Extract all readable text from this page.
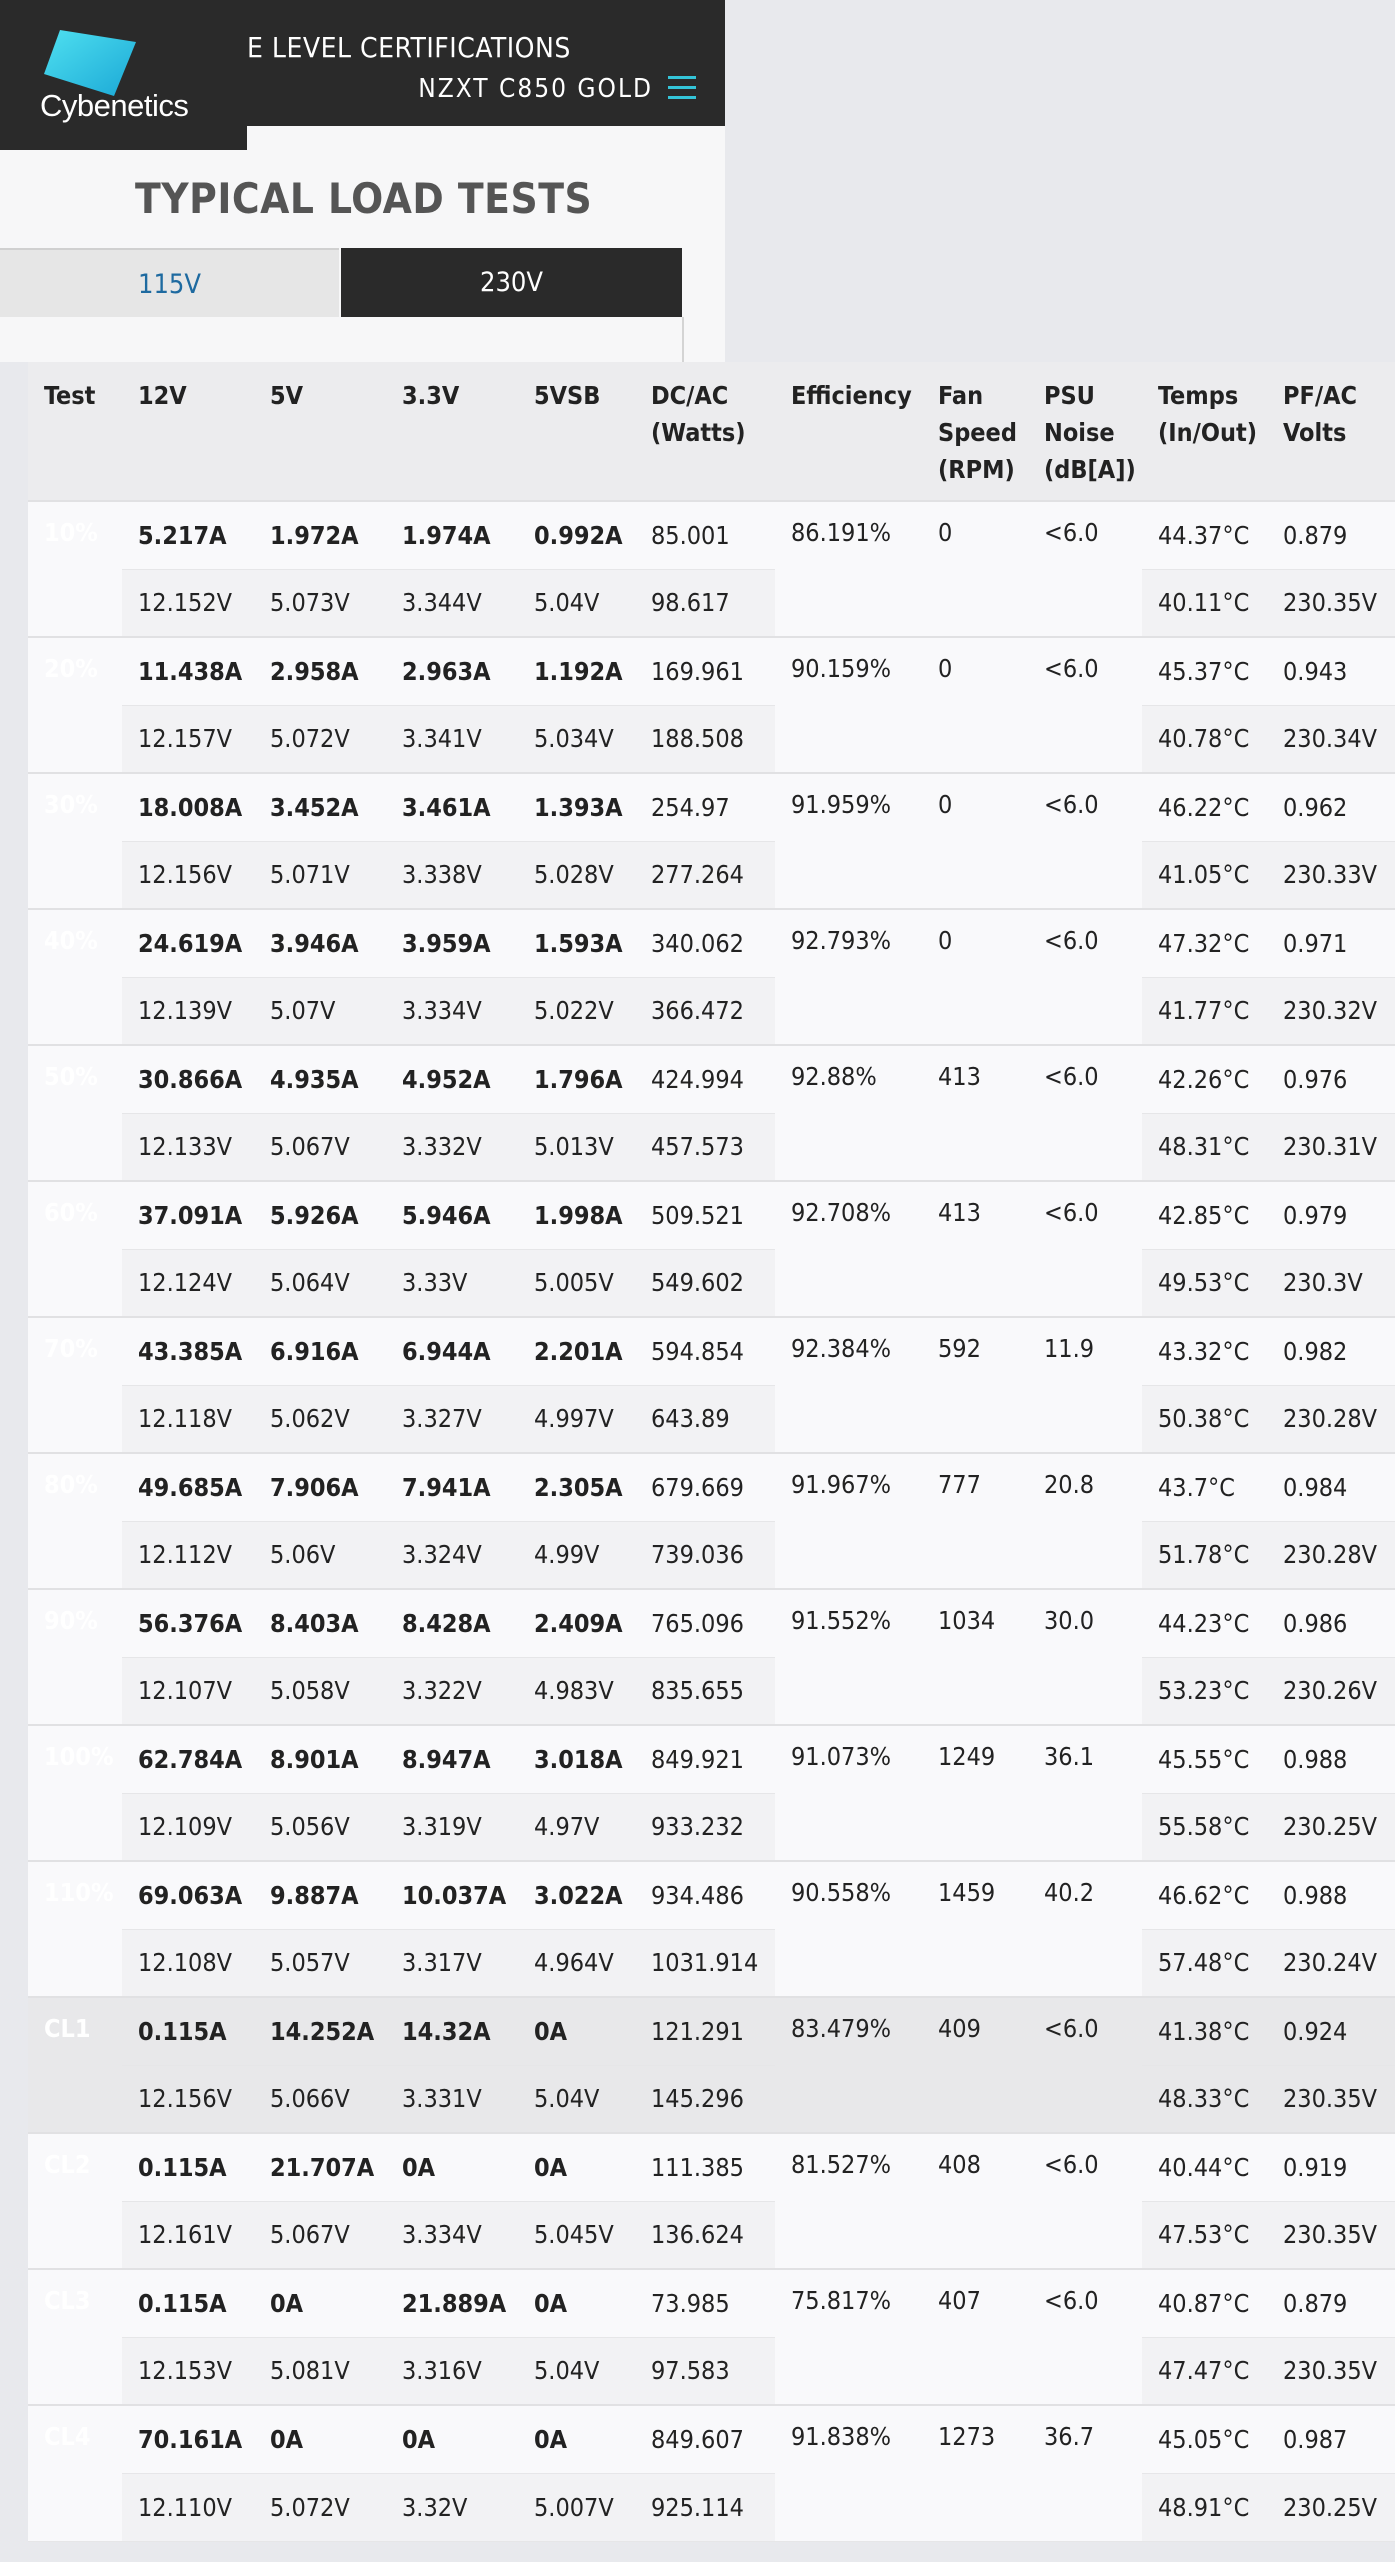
E LEVEL CERTIFICATIONS
NZXT C850 GOLD
Cybenetics
TYPICAL LOAD TESTS
115V	230V
Test	12V	5V	3.3V	5VSB	DC/AC (Watts)	Efficiency	Fan Speed (RPM)	PSU Noise (dB[A])	Temps (In/Out)	PF/AC Volts
10%	5.217A	1.972A	1.974A	0.992A	85.001	86.191%	0	<6.0	44.37°C	0.879
	12.152V	5.073V	3.344V	5.04V	98.617				40.11°C	230.35V
20%	11.438A	2.958A	2.963A	1.192A	169.961	90.159%	0	<6.0	45.37°C	0.943
	12.157V	5.072V	3.341V	5.034V	188.508				40.78°C	230.34V
30%	18.008A	3.452A	3.461A	1.393A	254.97	91.959%	0	<6.0	46.22°C	0.962
	12.156V	5.071V	3.338V	5.028V	277.264				41.05°C	230.33V
40%	24.619A	3.946A	3.959A	1.593A	340.062	92.793%	0	<6.0	47.32°C	0.971
	12.139V	5.07V	3.334V	5.022V	366.472				41.77°C	230.32V
50%	30.866A	4.935A	4.952A	1.796A	424.994	92.88%	413	<6.0	42.26°C	0.976
	12.133V	5.067V	3.332V	5.013V	457.573				48.31°C	230.31V
60%	37.091A	5.926A	5.946A	1.998A	509.521	92.708%	413	<6.0	42.85°C	0.979
	12.124V	5.064V	3.33V	5.005V	549.602				49.53°C	230.3V
70%	43.385A	6.916A	6.944A	2.201A	594.854	92.384%	592	11.9	43.32°C	0.982
	12.118V	5.062V	3.327V	4.997V	643.89				50.38°C	230.28V
80%	49.685A	7.906A	7.941A	2.305A	679.669	91.967%	777	20.8	43.7°C	0.984
	12.112V	5.06V	3.324V	4.99V	739.036				51.78°C	230.28V
90%	56.376A	8.403A	8.428A	2.409A	765.096	91.552%	1034	30.0	44.23°C	0.986
	12.107V	5.058V	3.322V	4.983V	835.655				53.23°C	230.26V
100%	62.784A	8.901A	8.947A	3.018A	849.921	91.073%	1249	36.1	45.55°C	0.988
	12.109V	5.056V	3.319V	4.97V	933.232				55.58°C	230.25V
110%	69.063A	9.887A	10.037A	3.022A	934.486	90.558%	1459	40.2	46.62°C	0.988
	12.108V	5.057V	3.317V	4.964V	1031.914				57.48°C	230.24V
CL1	0.115A	14.252A	14.32A	0A	121.291	83.479%	409	<6.0	41.38°C	0.924
	12.156V	5.066V	3.331V	5.04V	145.296				48.33°C	230.35V
CL2	0.115A	21.707A	0A	0A	111.385	81.527%	408	<6.0	40.44°C	0.919
	12.161V	5.067V	3.334V	5.045V	136.624				47.53°C	230.35V
CL3	0.115A	0A	21.889A	0A	73.985	75.817%	407	<6.0	40.87°C	0.879
	12.153V	5.081V	3.316V	5.04V	97.583				47.47°C	230.35V
CL4	70.161A	0A	0A	0A	849.607	91.838%	1273	36.7	45.05°C	0.987
	12.110V	5.072V	3.32V	5.007V	925.114				48.91°C	230.25V
